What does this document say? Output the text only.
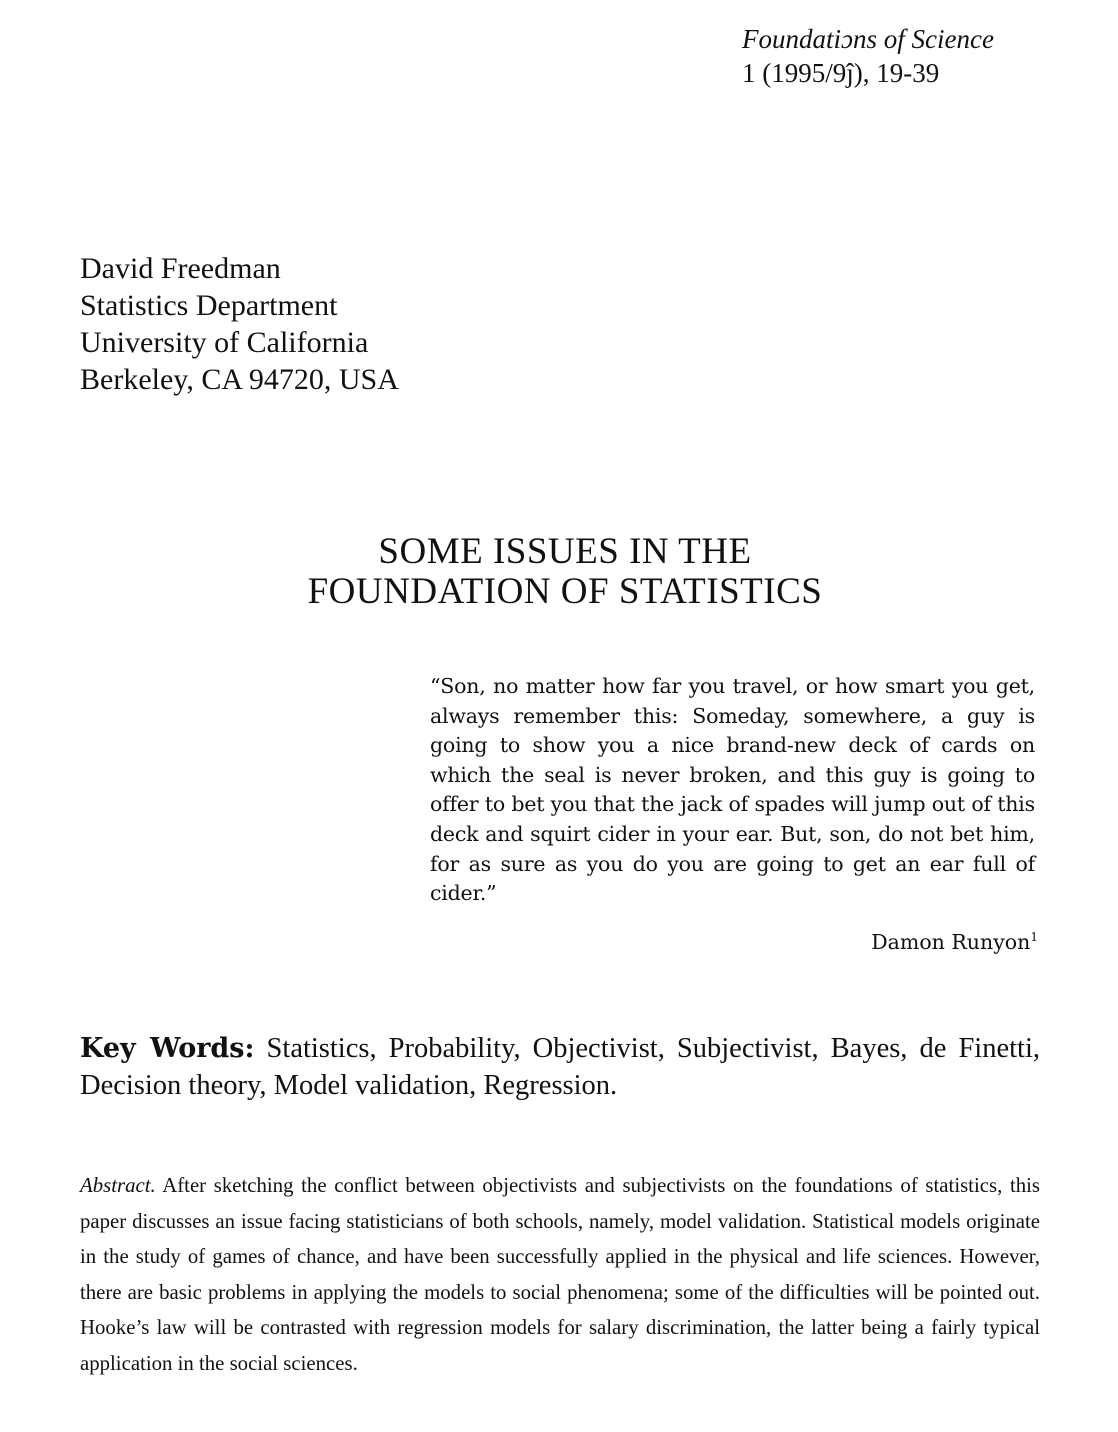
Foundatiɔns of Science
1 (1995/9ĵ), 19-39
David Freedman
Statistics Department
University of California
Berkeley, CA 94720, USA
SOME ISSUES IN THE
FOUNDATION OF STATISTICS
“Son, no matter how far you travel, or how smart you get, always remember this: Someday, somewhere, a guy is going to show you a nice brand-new deck of cards on which the seal is never broken, and this guy is going to offer to bet you that the jack of spades will jump out of this deck and squirt cider in your ear. But, son, do not bet him, for as sure as you do you are going to get an ear full of cider.”
Damon Runyon$^1$
Key Words: Statistics, Probability, Objectivist, Subjectivist, Bayes, de Finetti, Decision theory, Model validation, Regression.
Abstract. After sketching the conflict between objectivists and subjectivists on the foundations of statistics, this paper discusses an issue facing statisticians of both schools, namely, model validation. Statistical models originate in the study of games of chance, and have been successfully applied in the physical and life sciences. However, there are basic problems in applying the models to social phenomena; some of the difficulties will be pointed out. Hooke’s law will be contrasted with regression models for salary discrimination, the latter being a fairly typical application in the social sciences.
